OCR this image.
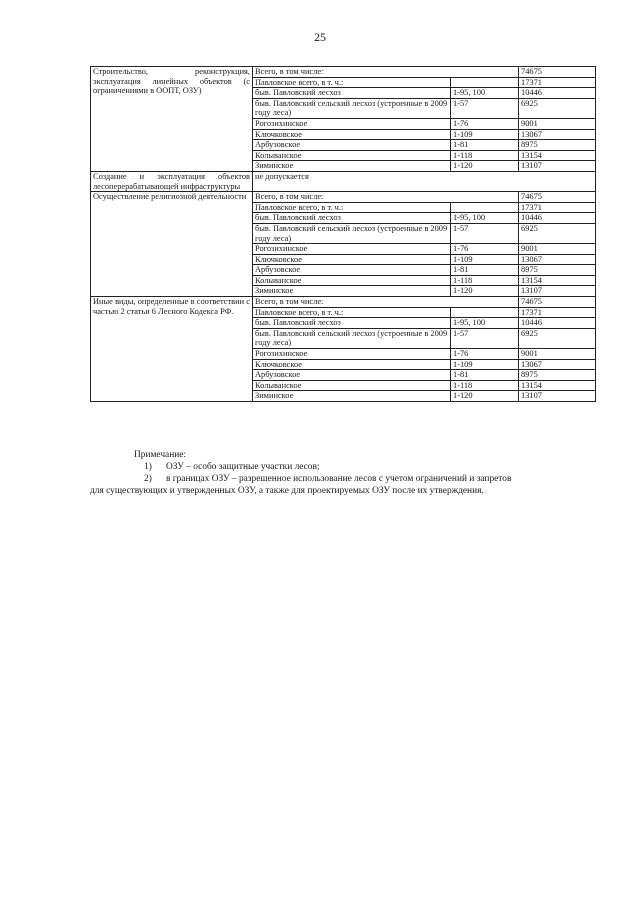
25
Строительство, реконструкция, эксплуатация линейных объектов (с ограничениями в ООПТ, ОЗУ)	Всего, в том числе:		74675
	Павловское всего, в т. ч.:		17371
	быв. Павловский лесхоз	1-95, 100	10446
	быв. Павловский сельский лесхоз (устроенные в 2009 году леса)	1-57	6925
	Рогозихинское	1-76	9001
	Ключковское	1-109	13067
	Арбузовское	1-81	8975
	Колыванское	1-118	13154
	Зиминское	1-120	13107
Создание и эксплуатация объектов лесоперерабатывающей инфраструктуры	не допускается		
Осуществление религиозной деятельности	Всего, в том числе:		74675
	Павловское всего, в т. ч.:		17371
	быв. Павловский лесхоз	1-95, 100	10446
	быв. Павловский сельский лесхоз (устроенные в 2009 году леса)	1-57	6925
	Рогозихинское	1-76	9001
	Ключковское	1-109	13067
	Арбузовское	1-81	8975
	Колыванское	1-118	13154
	Зиминское	1-120	13107
Иные виды, определенные в соответствии с частью 2 статьи 6 Лесного Кодекса РФ.	Всего, в том числе:		74675
	Павловское всего, в т. ч.:		17371
	быв. Павловский лесхоз	1-95, 100	10446
	быв. Павловский сельский лесхоз (устроенные в 2009 году леса)	1-57	6925
	Рогозихинское	1-76	9001
	Ключковское	1-109	13067
	Арбузовское	1-81	8975
	Колыванское	1-118	13154
	Зиминское	1-120	13107

Примечание:

1) ОЗУ – особо защитные участки лесов;

2) в границах ОЗУ – разрешенное использование лесов с учетом ограничений и запретов

для существующих и утвержденных ОЗУ, а также для проектируемых ОЗУ после их утверждения.
